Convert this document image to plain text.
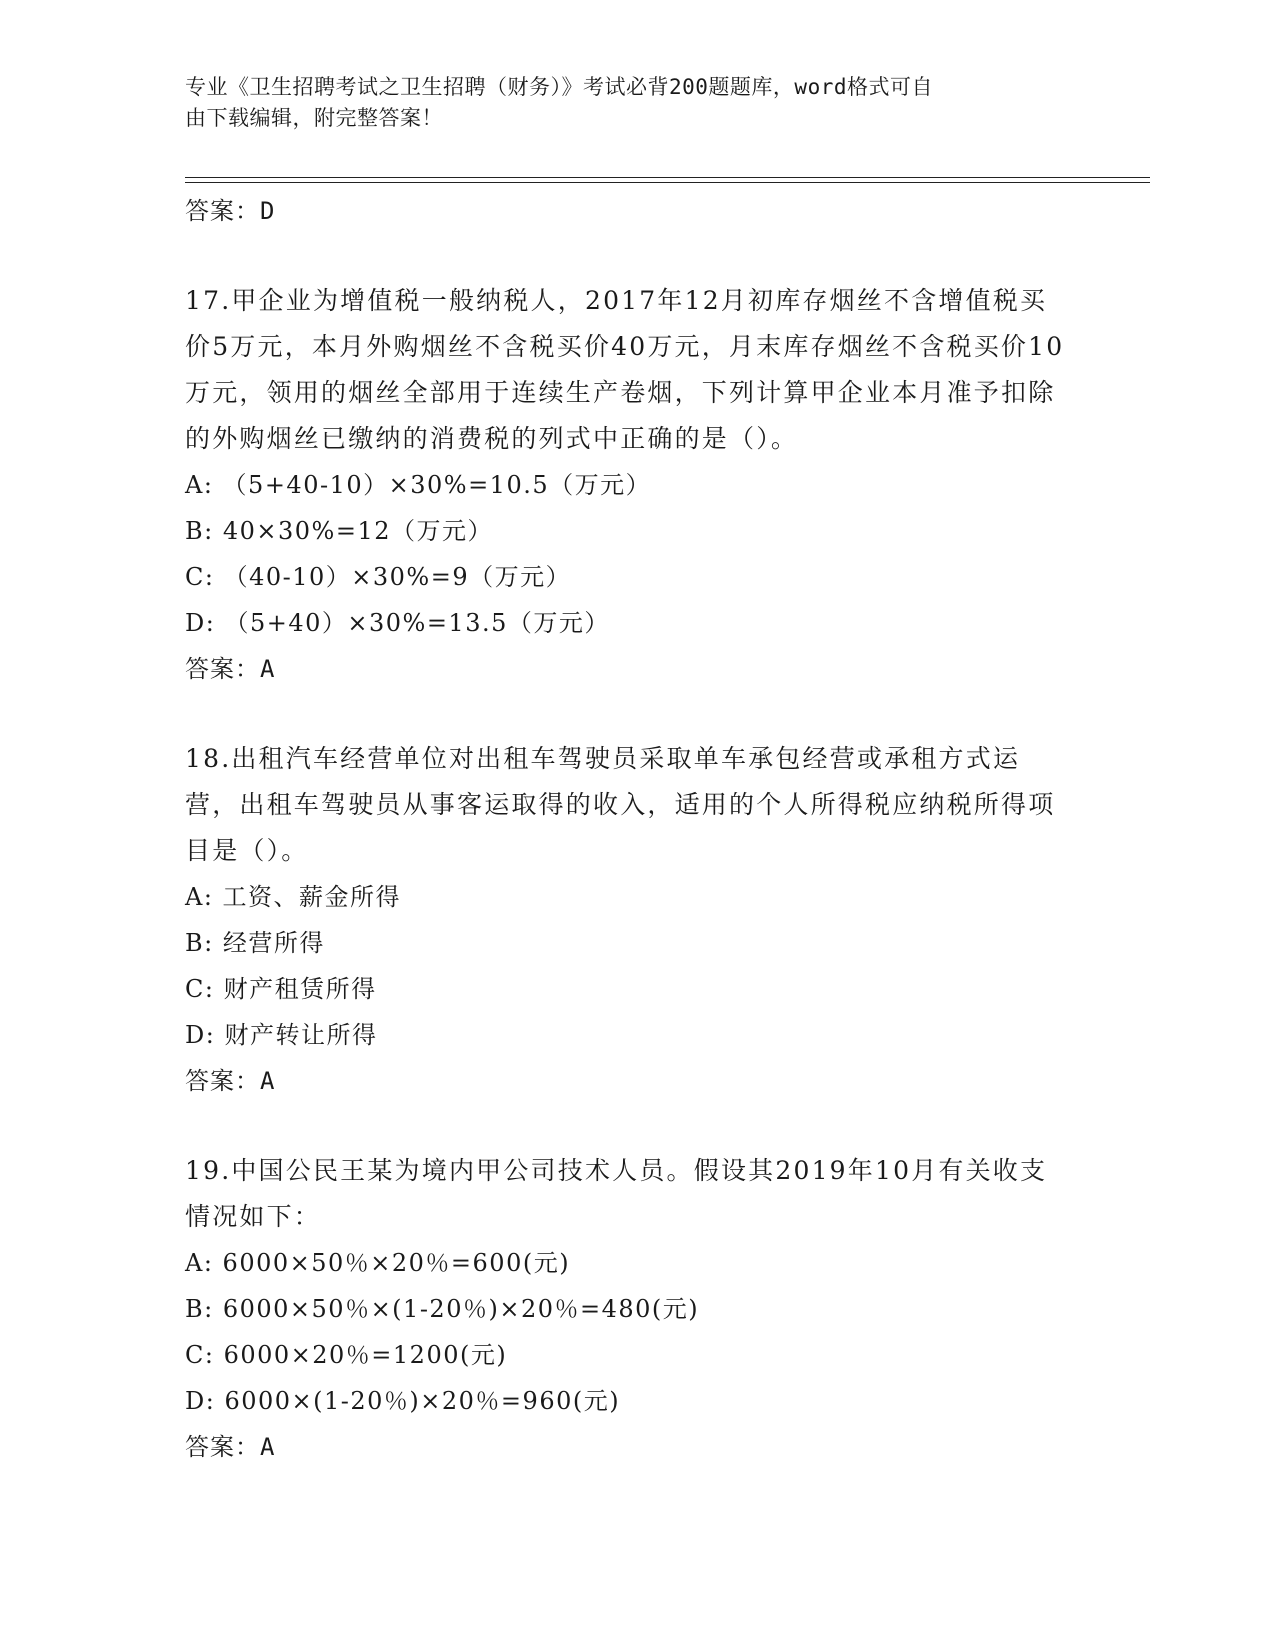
专业《卫生招聘考试之卫生招聘（财务）》考试必背200题题库，word格式可自
由下载编辑，附完整答案！
答案：D

17.甲企业为增值税一般纳税人，2017年12月初库存烟丝不含增值税买价5万元，本月外购烟丝不含税买价40万元，月末库存烟丝不含税买价10万元，领用的烟丝全部用于连续生产卷烟，下列计算甲企业本月准予扣除的外购烟丝已缴纳的消费税的列式中正确的是（）。

A: （5+40-10）×30%=10.5（万元）
B: 40×30%=12（万元）
C: （40-10）×30%=9（万元）
D: （5+40）×30%=13.5（万元）
答案：A

18.出租汽车经营单位对出租车驾驶员采取单车承包经营或承租方式运营，出租车驾驶员从事客运取得的收入，适用的个人所得税应纳税所得项目是（）。

A: 工资、薪金所得
B: 经营所得
C: 财产租赁所得
D: 财产转让所得
答案：A

19.中国公民王某为境内甲公司技术人员。假设其2019年10月有关收支情况如下：

A: 6000×50％×20％=600(元)
B: 6000×50％×(1-20％)×20％=480(元)
C: 6000×20％=1200(元)
D: 6000×(1-20％)×20％=960(元)
答案：A
